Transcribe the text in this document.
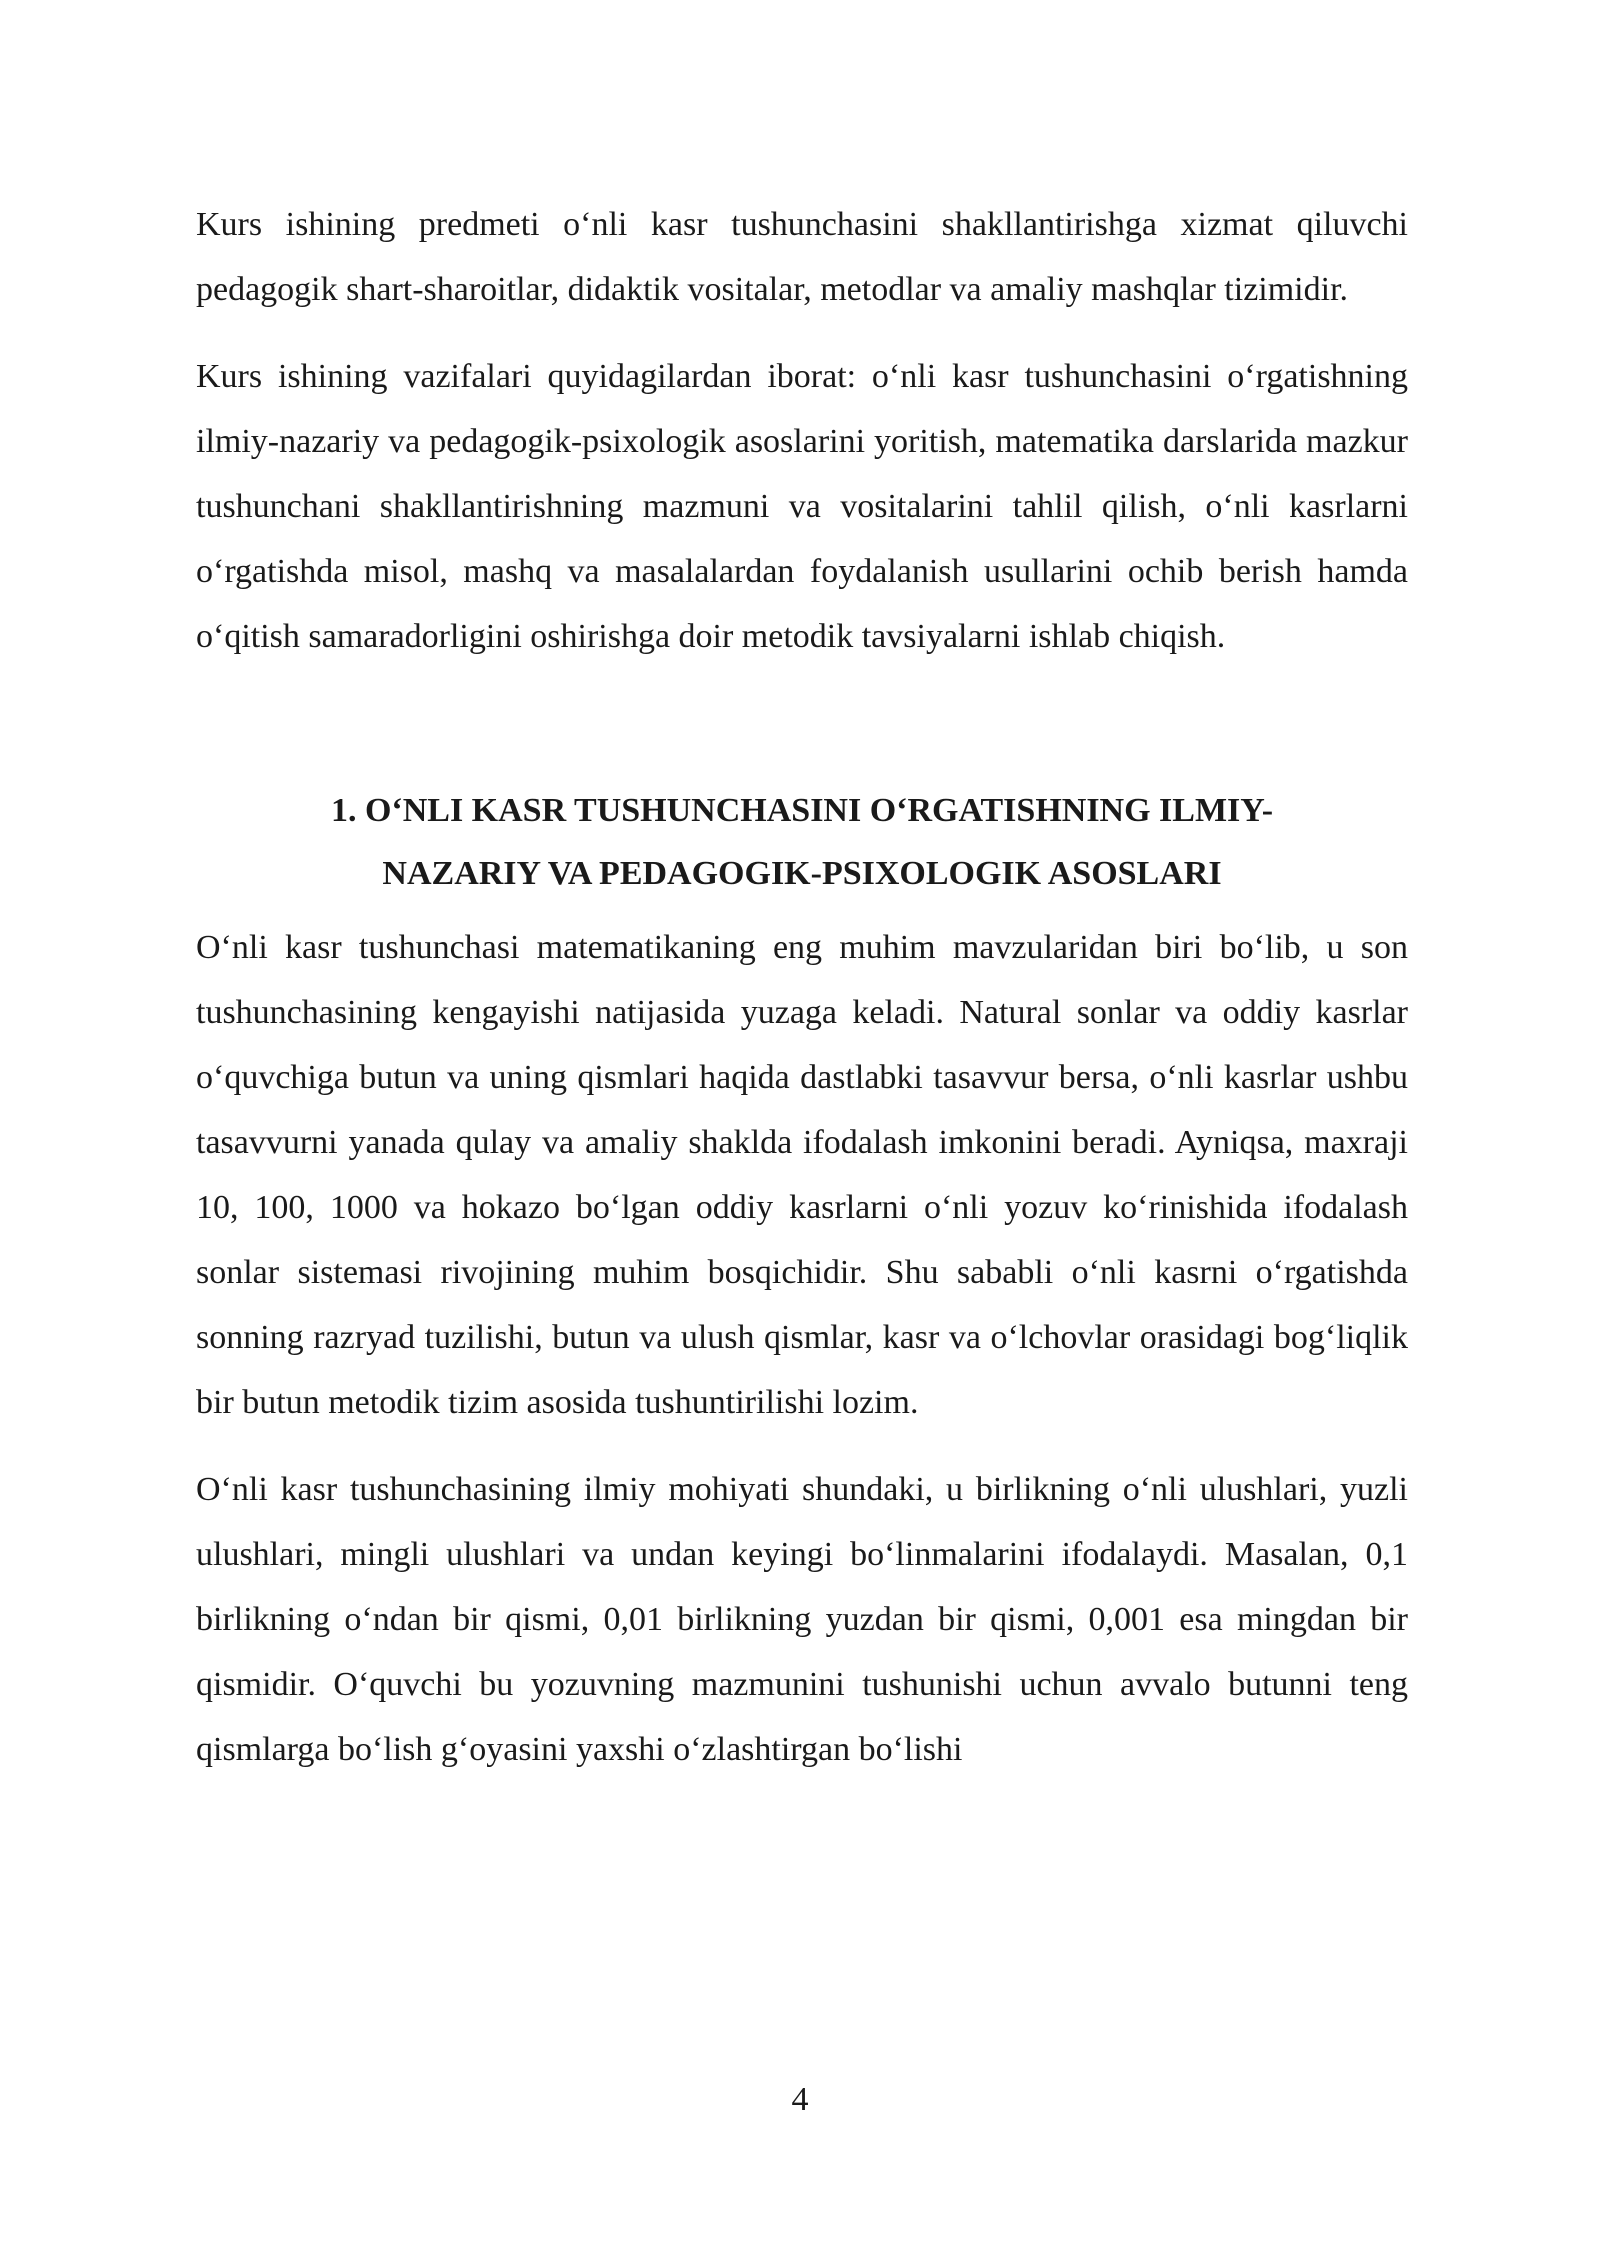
Kurs ishining predmeti o‘nli kasr tushunchasini shakllantirishga xizmat qiluvchi pedagogik shart-sharoitlar, didaktik vositalar, metodlar va amaliy mashqlar tizimidir.

Kurs ishining vazifalari quyidagilardan iborat: o‘nli kasr tushunchasini o‘rgatishning ilmiy-nazariy va pedagogik-psixologik asoslarini yoritish, matematika darslarida mazkur tushunchani shakllantirishning mazmuni va vositalarini tahlil qilish, o‘nli kasrlarni o‘rgatishda misol, mashq va masalalardan foydalanish usullarini ochib berish hamda o‘qitish samaradorligini oshirishga doir metodik tavsiyalarni ishlab chiqish.

1. O‘NLI KASR TUSHUNCHASINI O‘RGATISHNING ILMIY-
NAZARIY VA PEDAGOGIK-PSIXOLOGIK ASOSLARI

O‘nli kasr tushunchasi matematikaning eng muhim mavzularidan biri bo‘lib, u son tushunchasining kengayishi natijasida yuzaga keladi. Natural sonlar va oddiy kasrlar o‘quvchiga butun va uning qismlari haqida dastlabki tasavvur bersa, o‘nli kasrlar ushbu tasavvurni yanada qulay va amaliy shaklda ifodalash imkonini beradi. Ayniqsa, maxraji 10, 100, 1000 va hokazo bo‘lgan oddiy kasrlarni o‘nli yozuv ko‘rinishida ifodalash sonlar sistemasi rivojining muhim bosqichidir. Shu sababli o‘nli kasrni o‘rgatishda sonning razryad tuzilishi, butun va ulush qismlar, kasr va o‘lchovlar orasidagi bog‘liqlik bir butun metodik tizim asosida tushuntirilishi lozim.

O‘nli kasr tushunchasining ilmiy mohiyati shundaki, u birlikning o‘nli ulushlari, yuzli ulushlari, mingli ulushlari va undan keyingi bo‘linmalarini ifodalaydi. Masalan, 0,1 birlikning o‘ndan bir qismi, 0,01 birlikning yuzdan bir qismi, 0,001 esa mingdan bir qismidir. O‘quvchi bu yozuvning mazmunini tushunishi uchun avvalo butunni teng qismlarga bo‘lish g‘oyasini yaxshi o‘zlashtirgan bo‘lishi

4
